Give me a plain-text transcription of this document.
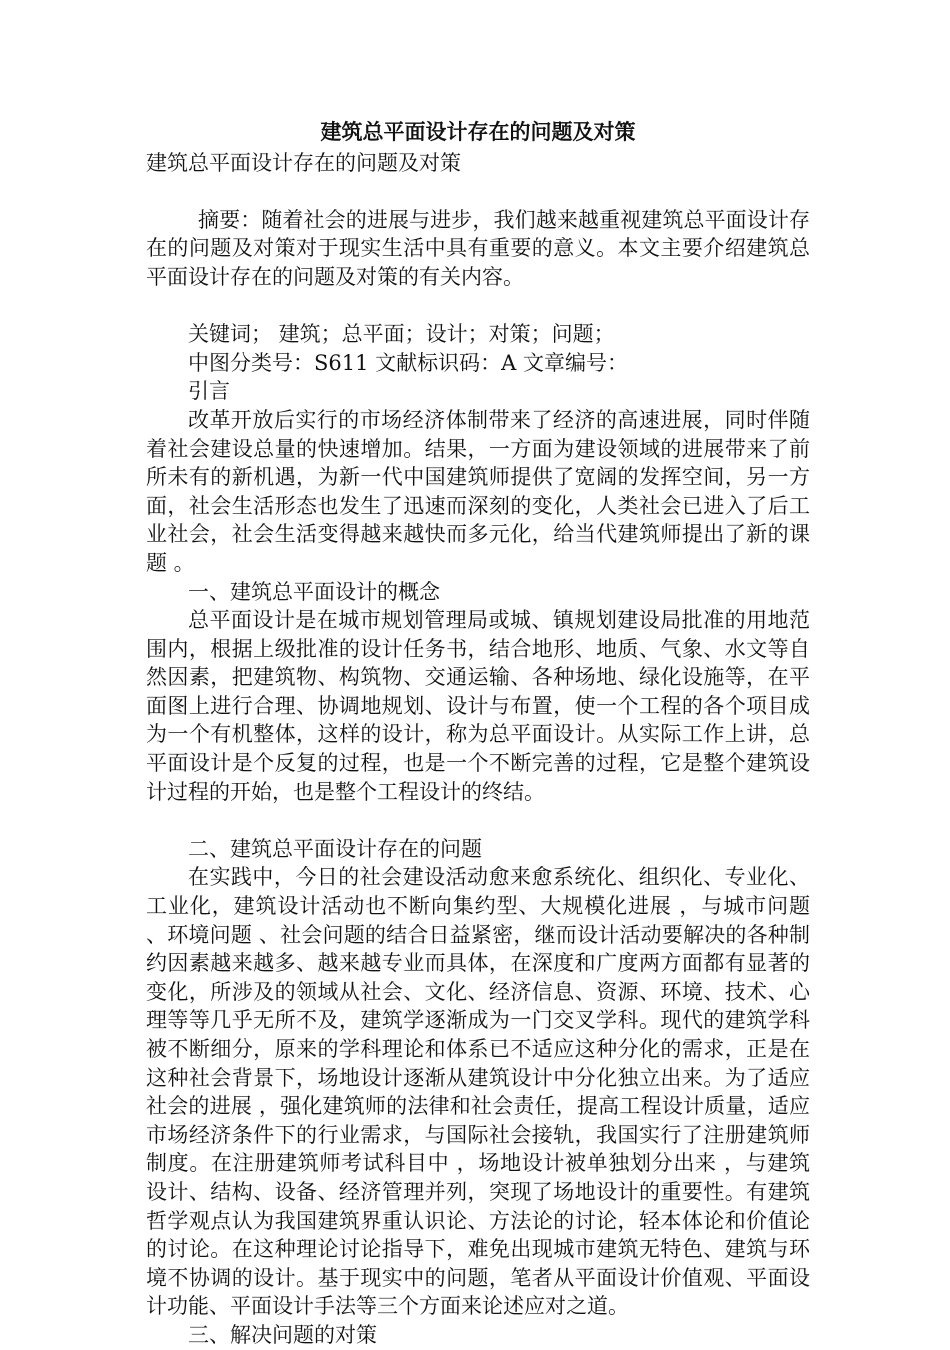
建筑总平面设计存在的问题及对策

建筑总平面设计存在的问题及对策

摘要：随着社会的进展与进步，我们越来越重视建筑总平面设计存在的问题及对策对于现实生活中具有重要的意义。本文主要介绍建筑总平面设计存在的问题及对策的有关内容。

关键词； 建筑；总平面；设计；对策；问题；

中图分类号：S611 文献标识码：A 文章编号：

引言

改革开放后实行的市场经济体制带来了经济的高速进展，同时伴随着社会建设总量的快速增加。结果，一方面为建设领域的进展带来了前所未有的新机遇，为新一代中国建筑师提供了宽阔的发挥空间，另一方面，社会生活形态也发生了迅速而深刻的变化，人类社会已进入了后工业社会，社会生活变得越来越快而多元化，给当代建筑师提出了新的课题 。

一、建筑总平面设计的概念

总平面设计是在城市规划管理局或城、镇规划建设局批准的用地范围内，根据上级批准的设计任务书，结合地形、地质、气象、水文等自然因素，把建筑物、构筑物、交通运输、各种场地、绿化设施等，在平面图上进行合理、协调地规划、设计与布置，使一个工程的各个项目成为一个有机整体，这样的设计，称为总平面设计。从实际工作上讲，总平面设计是个反复的过程，也是一个不断完善的过程，它是整个建筑设计过程的开始，也是整个工程设计的终结。

二、建筑总平面设计存在的问题

在实践中，今日的社会建设活动愈来愈系统化、组织化、专业化、工业化，建筑设计活动也不断向集约型、大规模化进展 ，与城市问题 、环境问题 、社会问题的结合日益紧密，继而设计活动要解决的各种制约因素越来越多、越来越专业而具体，在深度和广度两方面都有显著的变化，所涉及的领域从社会、文化、经济信息、资源、环境、技术、心理等等几乎无所不及，建筑学逐渐成为一门交叉学科。现代的建筑学科被不断细分，原来的学科理论和体系已不适应这种分化的需求，正是在这种社会背景下，场地设计逐渐从建筑设计中分化独立出来。为了适应社会的进展 ，强化建筑师的法律和社会责任，提高工程设计质量，适应市场经济条件下的行业需求，与国际社会接轨，我国实行了注册建筑师制度。在注册建筑师考试科目中 ，场地设计被单独划分出来 ，与建筑设计、结构、设备、经济管理并列，突现了场地设计的重要性。有建筑哲学观点认为我国建筑界重认识论、方法论的讨论，轻本体论和价值论的讨论。在这种理论讨论指导下，难免出现城市建筑无特色、建筑与环境不协调的设计。基于现实中的问题，笔者从平面设计价值观、平面设计功能、平面设计手法等三个方面来论述应对之道。

三、解决问题的对策
